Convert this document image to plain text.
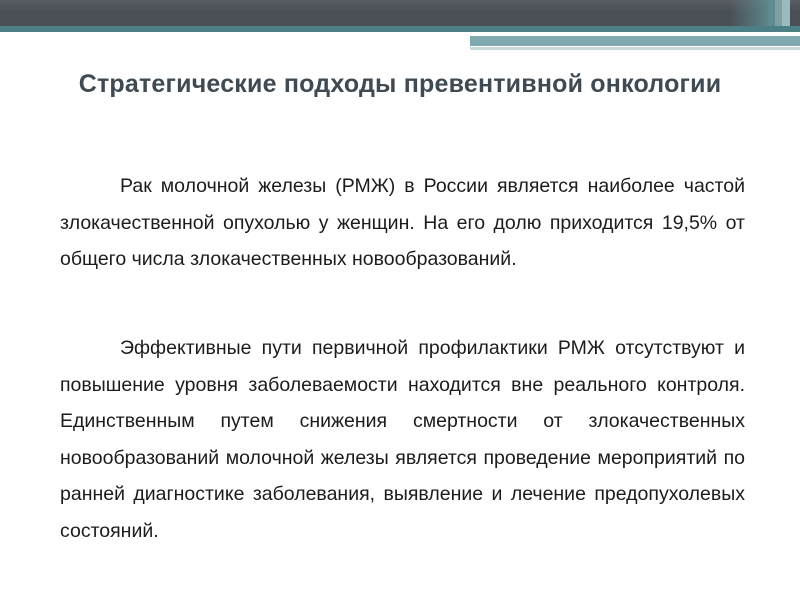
Стратегические подходы превентивной онкологии

Рак молочной железы (РМЖ) в России является наиболее частой злокачественной опухолью у женщин. На его долю приходится 19,5% от общего числа злокачественных новообразований.

Эффективные пути первичной профилактики РМЖ отсутствуют и повышение уровня заболеваемости находится вне реального контроля. Единственным путем снижения смертности от злокачественных новообразований молочной железы является проведение мероприятий по ранней диагностике заболевания, выявление и лечение предопухолевых состояний.
